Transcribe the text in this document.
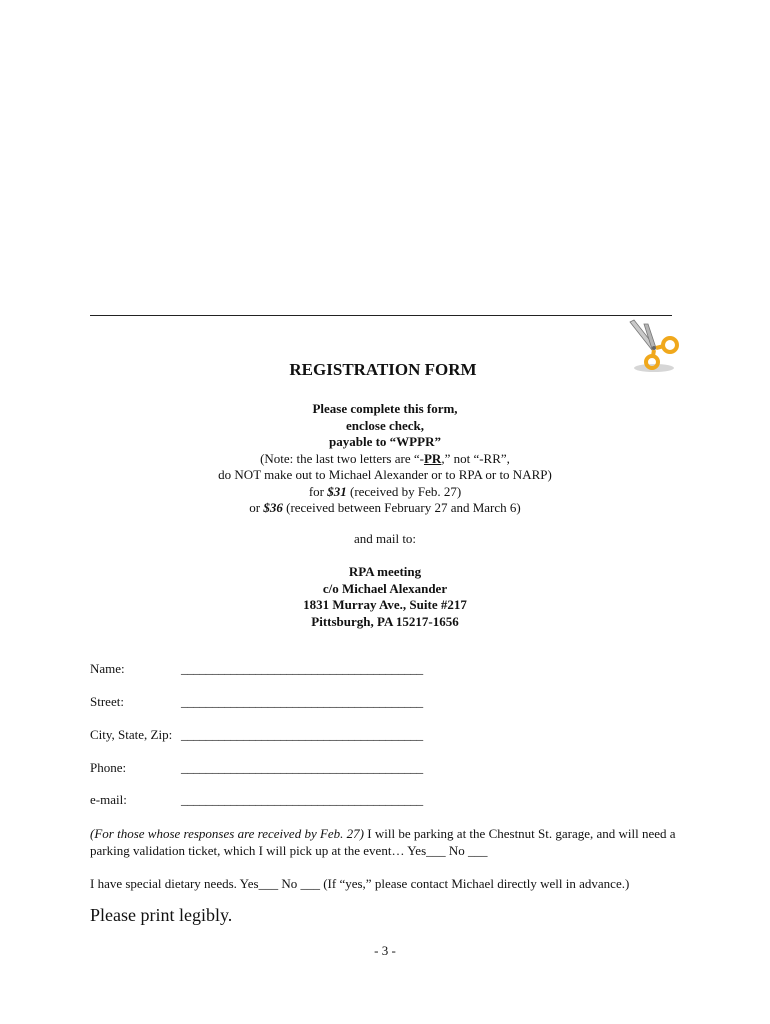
REGISTRATION FORM
Please complete this form,
enclose check,
payable to “WPPR”
(Note: the last two letters are “-PR,” not “-RR”,
do NOT make out to Michael Alexander or to RPA or to NARP)
for $31 (received by Feb. 27)
or $36 (received between February 27 and March 6)
and mail to:
RPA meeting
c/o Michael Alexander
1831 Murray Ave., Suite #217
Pittsburgh, PA 15217-1656
Name:	_______________________________________
Street:	_______________________________________
City, State, Zip: _______________________________________
Phone:	_______________________________________
e-mail:	_______________________________________
(For those whose responses are received by Feb. 27) I will be parking at the Chestnut St. garage, and will need a parking validation ticket, which I will pick up at the event… Yes___ No ___
I have special dietary needs. Yes___ No ___ (If “yes,” please contact Michael directly well in advance.)
Please print legibly.
- 3 -
